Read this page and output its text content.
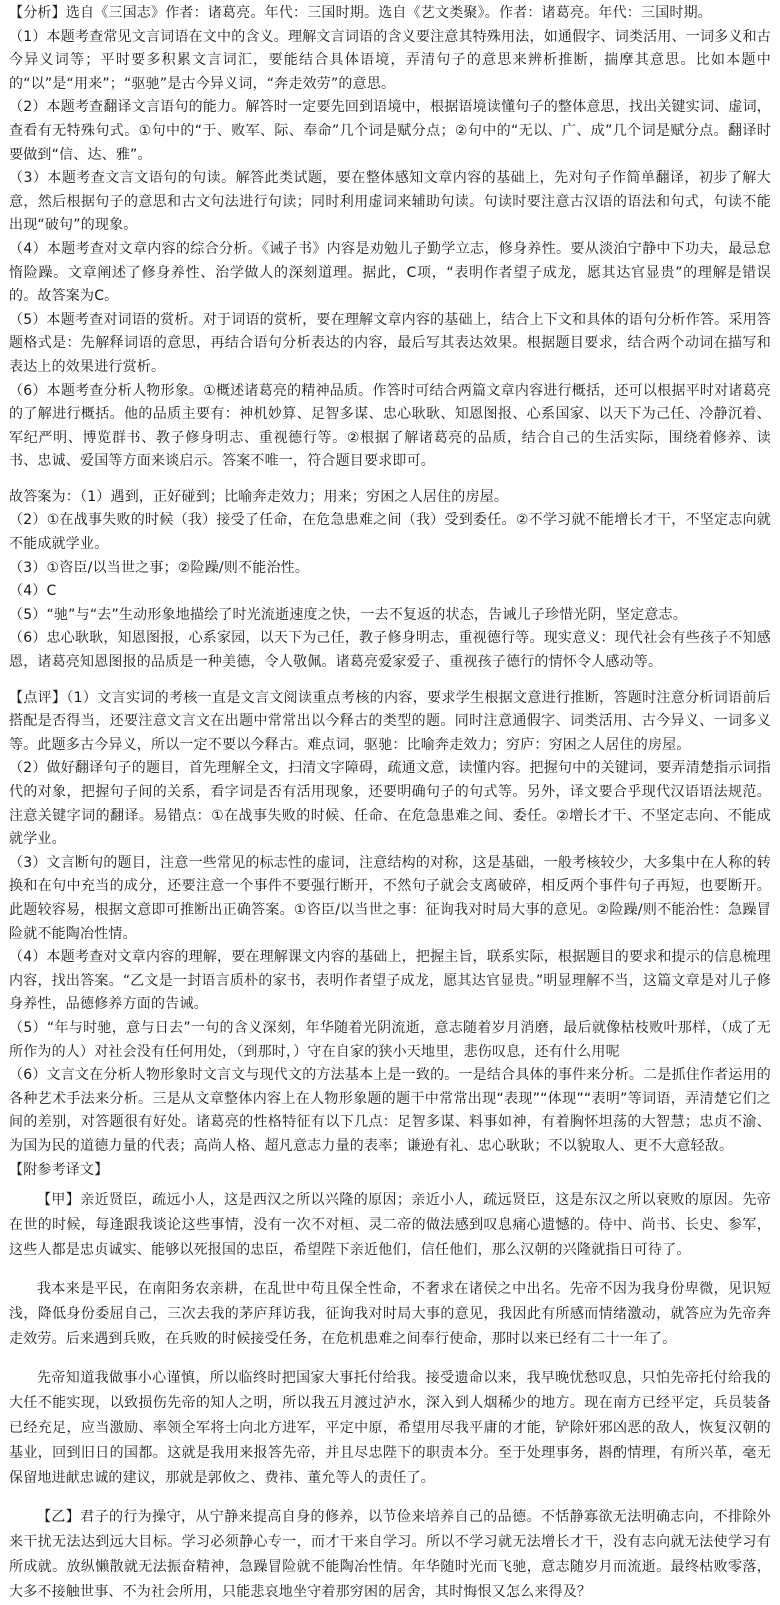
【分析】选自《三国志》作者：诸葛亮。年代：三国时期。选自《艺文类聚》。作者：诸葛亮。年代：三国时期。

（1）本题考查常见文言词语在文中的含义。理解文言词语的含义要注意其特殊用法，如通假字、词类活用、一词多义和古今异义词等；平时要多积累文言词汇，要能结合具体语境，弄清句子的意思来辨析推断，揣摩其意思。比如本题中的“以”是“用来”；“驱驰”是古今异义词，“奔走效劳”的意思。

（2）本题考查翻译文言语句的能力。解答时一定要先回到语境中，根据语境读懂句子的整体意思，找出关键实词、虚词，查看有无特殊句式。①句中的“于、败军、际、奉命”几个词是赋分点；②句中的“无以、广、成”几个词是赋分点。翻译时要做到“信、达、雅”。

（3）本题考查文言文语句的句读。解答此类试题，要在整体感知文章内容的基础上，先对句子作简单翻译，初步了解大意，然后根据句子的意思和古文句法进行句读；同时利用虚词来辅助句读。句读时要注意古汉语的语法和句式，句读不能出现“破句”的现象。

（4）本题考查对文章内容的综合分析。《诫子书》内容是劝勉儿子勤学立志，修身养性。要从淡泊宁静中下功夫，最忌怠惰险躁。文章阐述了修身养性、治学做人的深刻道理。据此，C项，“表明作者望子成龙，愿其达官显贵”的理解是错误的。故答案为C。

（5）本题考查对词语的赏析。对于词语的赏析，要在理解文章内容的基础上，结合上下文和具体的语句分析作答。采用答题格式是：先解释词语的意思，再结合语句分析表达的内容，最后写其表达效果。根据题目要求，结合两个动词在描写和表达上的效果进行赏析。

（6）本题考查分析人物形象。①概述诸葛亮的精神品质。作答时可结合两篇文章内容进行概括，还可以根据平时对诸葛亮的了解进行概括。他的品质主要有：神机妙算、足智多谋、忠心耿耿、知恩图报、心系国家、以天下为己任、冷静沉着、军纪严明、博览群书、教子修身明志、重视德行等。②根据了解诸葛亮的品质，结合自己的生活实际，围绕着修养、读书、忠诚、爱国等方面来谈启示。答案不唯一，符合题目要求即可。

故答案为：（1）遇到，正好碰到；比喻奔走效力；用来；穷困之人居住的房屋。

（2）①在战事失败的时候（我）接受了任命，在危急患难之间（我）受到委任。②不学习就不能增长才干，不坚定志向就不能成就学业。

（3）①咨臣/以当世之事；②险躁/则不能治性。

（4）C

（5）“驰”与“去”生动形象地描绘了时光流逝速度之快，一去不复返的状态，告诫儿子珍惜光阴，坚定意志。

（6）忠心耿耿，知恩图报，心系家园，以天下为己任，教子修身明志，重视德行等。现实意义：现代社会有些孩子不知感恩，诸葛亮知恩图报的品质是一种美德，令人敬佩。诸葛亮爱家爱子、重视孩子德行的情怀令人感动等。

【点评】（1）文言实词的考核一直是文言文阅读重点考核的内容，要求学生根据文意进行推断，答题时注意分析词语前后搭配是否得当，还要注意文言文在出题中常常出以今释古的类型的题。同时注意通假字、词类活用、古今异义、一词多义等。此题多古今异义，所以一定不要以今释古。难点词，驱驰：比喻奔走效力；穷庐：穷困之人居住的房屋。

（2）做好翻译句子的题目，首先理解全文，扫清文字障碍，疏通文意，读懂内容。把握句中的关键词，要弄清楚指示词指代的对象，把握句子间的关系，看字词是否有活用现象，还要明确句子的句式等。另外，译文要合乎现代汉语语法规范。注意关键字词的翻译。易错点：①在战事失败的时候、任命、在危急患难之间、委任。②增长才干、不坚定志向、不能成就学业。

（3）文言断句的题目，注意一些常见的标志性的虚词，注意结构的对称，这是基础，一般考核较少，大多集中在人称的转换和在句中充当的成分，还要注意一个事件不要强行断开，不然句子就会支离破碎，相反两个事件句子再短，也要断开。此题较容易，根据文意即可推断出正确答案。①咨臣/以当世之事：征询我对时局大事的意见。②险躁/则不能治性：急躁冒险就不能陶冶性情。

（4）本题考查对文章内容的理解，要在理解课文内容的基础上，把握主旨，联系实际，根据题目的要求和提示的信息梳理内容，找出答案。“乙文是一封语言质朴的家书，表明作者望子成龙，愿其达官显贵。”明显理解不当，这篇文章是对儿子修身养性，品德修养方面的告诫。

（5）“年与时驰，意与日去”一句的含义深刻，年华随着光阴流逝，意志随着岁月消磨，最后就像枯枝败叶那样，（成了无所作为的人）对社会没有任何用处，（到那时，）守在自家的狭小天地里，悲伤叹息，还有什么用呢

（6）文言文在分析人物形象时文言文与现代文的方法基本上是一致的。一是结合具体的事件来分析。二是抓住作者运用的各种艺术手法来分析。三是从文章整体内容上在人物形象题的题干中常常出现“表现”“体现”“表明”等词语，弄清楚它们之间的差别，对答题很有好处。诸葛亮的性格特征有以下几点：足智多谋、料事如神，有着胸怀坦荡的大智慧；忠贞不渝、为国为民的道德力量的代表；高尚人格、超凡意志力量的表率；谦逊有礼、忠心耿耿；不以貌取人、更不大意轻敌。

【附参考译文】

【甲】亲近贤臣，疏远小人，这是西汉之所以兴隆的原因；亲近小人，疏远贤臣，这是东汉之所以衰败的原因。先帝在世的时候，每逢跟我谈论这些事情，没有一次不对桓、灵二帝的做法感到叹息痛心遗憾的。侍中、尚书、长史、参军，这些人都是忠贞诚实、能够以死报国的忠臣，希望陛下亲近他们，信任他们，那么汉朝的兴隆就指日可待了。

我本来是平民，在南阳务农亲耕，在乱世中苟且保全性命，不奢求在诸侯之中出名。先帝不因为我身份卑微，见识短浅，降低身份委屈自己，三次去我的茅庐拜访我，征询我对时局大事的意见，我因此有所感而情绪激动，就答应为先帝奔走效劳。后来遇到兵败，在兵败的时候接受任务，在危机患难之间奉行使命，那时以来已经有二十一年了。

先帝知道我做事小心谨慎，所以临终时把国家大事托付给我。接受遗命以来，我早晚忧愁叹息，只怕先帝托付给我的大任不能实现，以致损伤先帝的知人之明，所以我五月渡过泸水，深入到人烟稀少的地方。现在南方已经平定，兵员装备已经充足，应当激励、率领全军将士向北方进军，平定中原，希望用尽我平庸的才能，铲除奸邪凶恶的敌人，恢复汉朝的基业，回到旧日的国都。这就是我用来报答先帝，并且尽忠陛下的职责本分。至于处理事务，斟酌情理，有所兴革，毫无保留地进献忠诚的建议，那就是郭攸之、费祎、董允等人的责任了。

【乙】君子的行为操守，从宁静来提高自身的修养，以节俭来培养自己的品德。不恬静寡欲无法明确志向，不排除外来干扰无法达到远大目标。学习必须静心专一，而才干来自学习。所以不学习就无法增长才干，没有志向就无法使学习有所成就。放纵懒散就无法振奋精神，急躁冒险就不能陶冶性情。年华随时光而飞驰，意志随岁月而流逝。最终枯败零落，大多不接触世事、不为社会所用，只能悲哀地坐守着那穷困的居舍，其时悔恨又怎么来得及？
